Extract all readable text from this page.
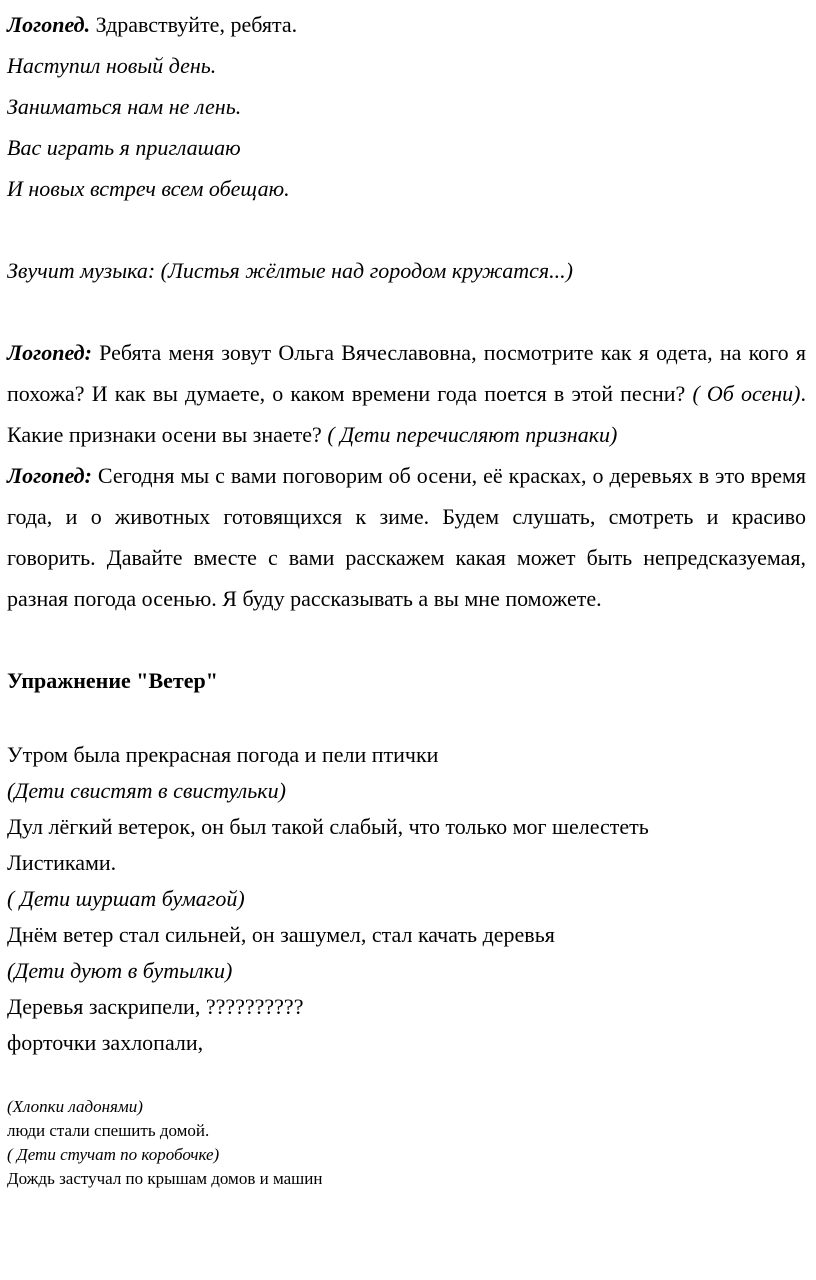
Логопед. Здравствуйте, ребята.

Наступил новый день.

Заниматься нам не лень.

Вас играть я приглашаю

И новых встреч всем обещаю.

Звучит музыка: (Листья жёлтые над городом кружатся...)

Логопед: Ребята меня зовут Ольга Вячеславовна, посмотрите как я одета, на кого я похожа? И как вы думаете, о каком времени года поется в этой песни? ( Об осени). Какие признаки осени вы знаете? ( Дети перечисляют признаки)

Логопед: Сегодня мы с вами поговорим об осени, её красках, о деревьях в это время года, и о животных готовящихся к зиме. Будем слушать, смотреть и красиво говорить. Давайте вместе с вами расскажем какая может быть непредсказуемая, разная погода осенью. Я буду рассказывать а вы мне поможете.

Упражнение "Ветер"

Утром была прекрасная погода и пели птички

(Дети свистят в свистульки)

Дул лёгкий ветерок, он был такой слабый, что только мог шелестеть

Листиками.

( Дети шуршат бумагой)

Днём ветер стал сильней, он зашумел, стал качать деревья

(Дети дуют в бутылки)

Деревья заскрипели, ??????????

форточки захлопали,

(Хлопки ладонями)

люди стали спешить домой.

( Дети стучат по коробочке)

Дождь застучал по крышам домов и машин
